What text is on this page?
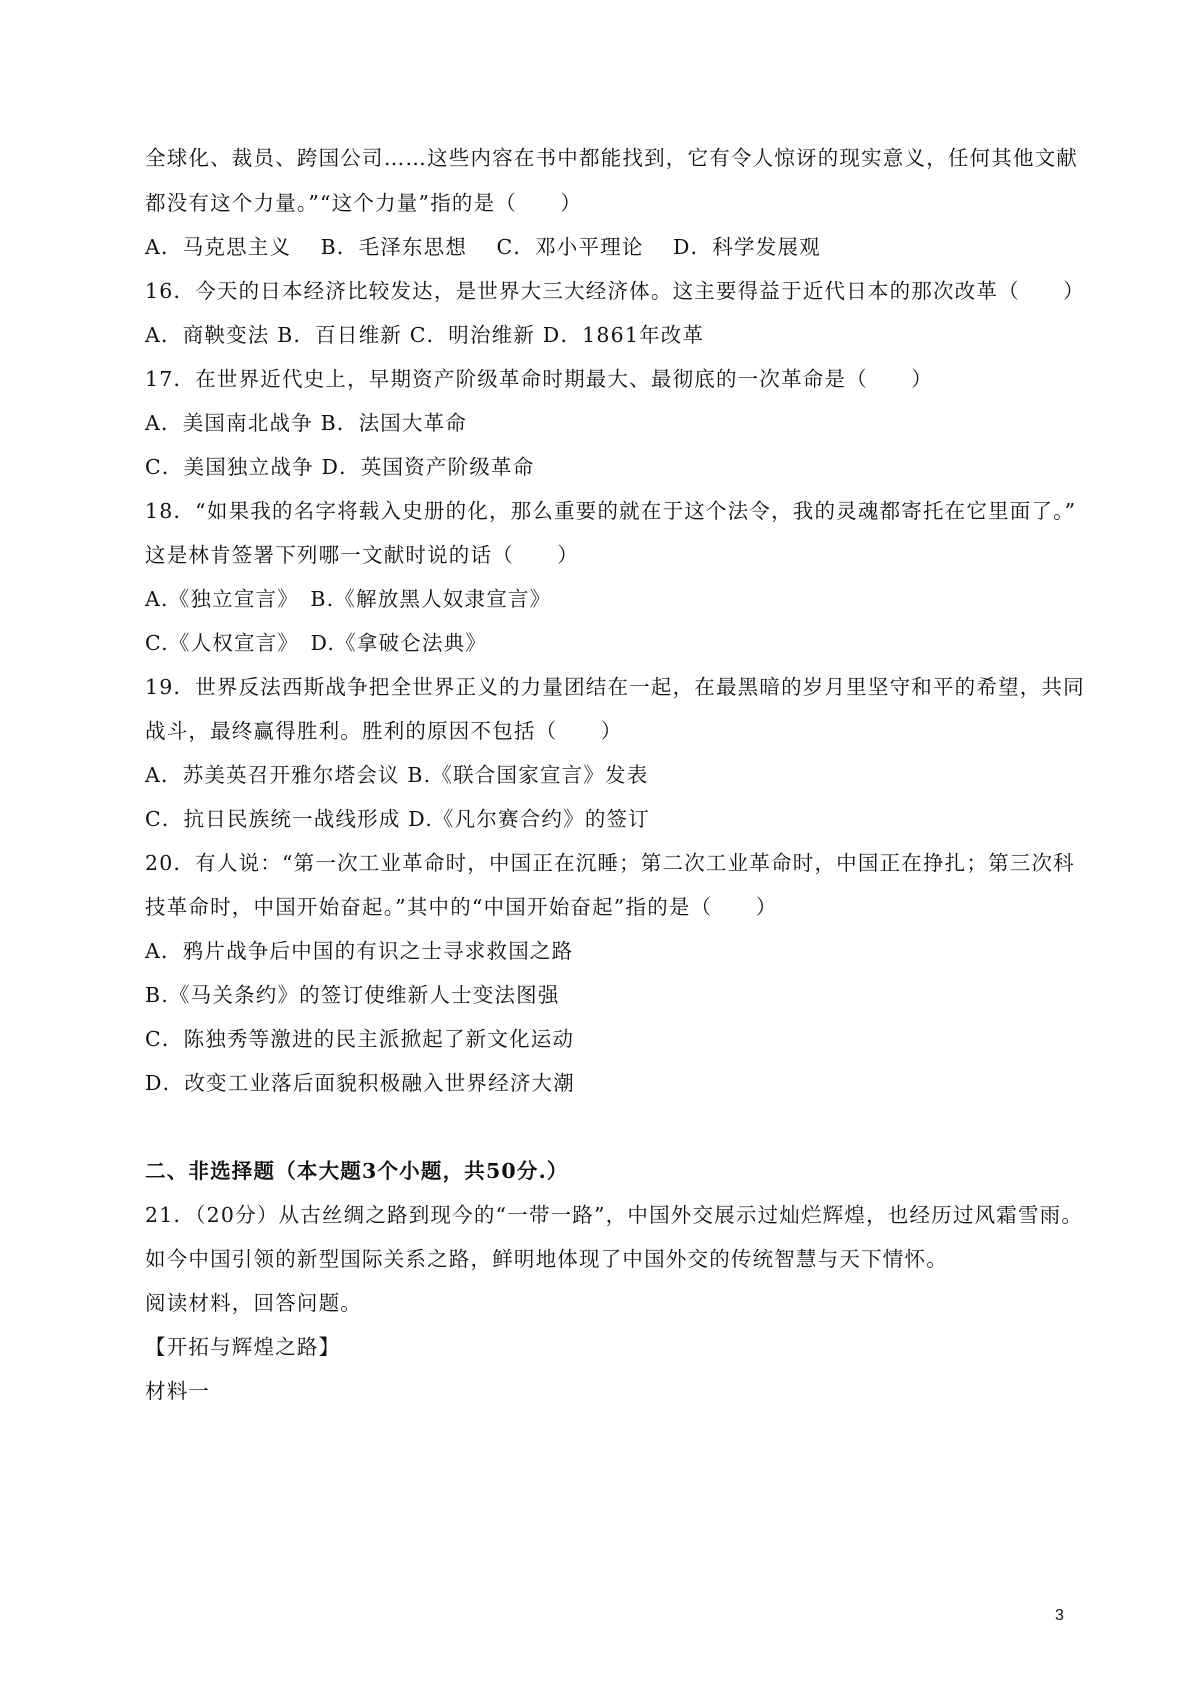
全球化、裁员、跨国公司……这些内容在书中都能找到，它有令人惊讶的现实意义，任何其他文献
都没有这个力量。”“这个力量”指的是（　　）
A．马克思主义　 B．毛泽东思想　 C．邓小平理论　 D．科学发展观
16．今天的日本经济比较发达，是世界大三大经济体。这主要得益于近代日本的那次改革（　　）
A．商鞅变法 B．百日维新 C．明治维新 D．1861年改革
17．在世界近代史上，早期资产阶级革命时期最大、最彻底的一次革命是（　　）
A．美国南北战争 B．法国大革命
C．美国独立战争 D．英国资产阶级革命
18．“如果我的名字将载入史册的化，那么重要的就在于这个法令，我的灵魂都寄托在它里面了。”
这是林肯签署下列哪一文献时说的话（　　）
A.《独立宣言》　B.《解放黑人奴隶宣言》
C.《人权宣言》　D.《拿破仑法典》
19．世界反法西斯战争把全世界正义的力量团结在一起，在最黑暗的岁月里坚守和平的希望，共同
战斗，最终赢得胜利。胜利的原因不包括（　　）
A．苏美英召开雅尔塔会议 B.《联合国家宣言》发表
C．抗日民族统一战线形成 D.《凡尔赛合约》的签订
20．有人说：“第一次工业革命时，中国正在沉睡；第二次工业革命时，中国正在挣扎；第三次科
技革命时，中国开始奋起。”其中的“中国开始奋起”指的是（　　）
A．鸦片战争后中国的有识之士寻求救国之路
B.《马关条约》的签订使维新人士变法图强
C．陈独秀等激进的民主派掀起了新文化运动
D．改变工业落后面貌积极融入世界经济大潮
二、非选择题（本大题3个小题，共50分.）
21．（20分）从古丝绸之路到现今的“一带一路”，中国外交展示过灿烂辉煌，也经历过风霜雪雨。
如今中国引领的新型国际关系之路，鲜明地体现了中国外交的传统智慧与天下情怀。
阅读材料，回答问题。
【开拓与辉煌之路】
材料一
3
